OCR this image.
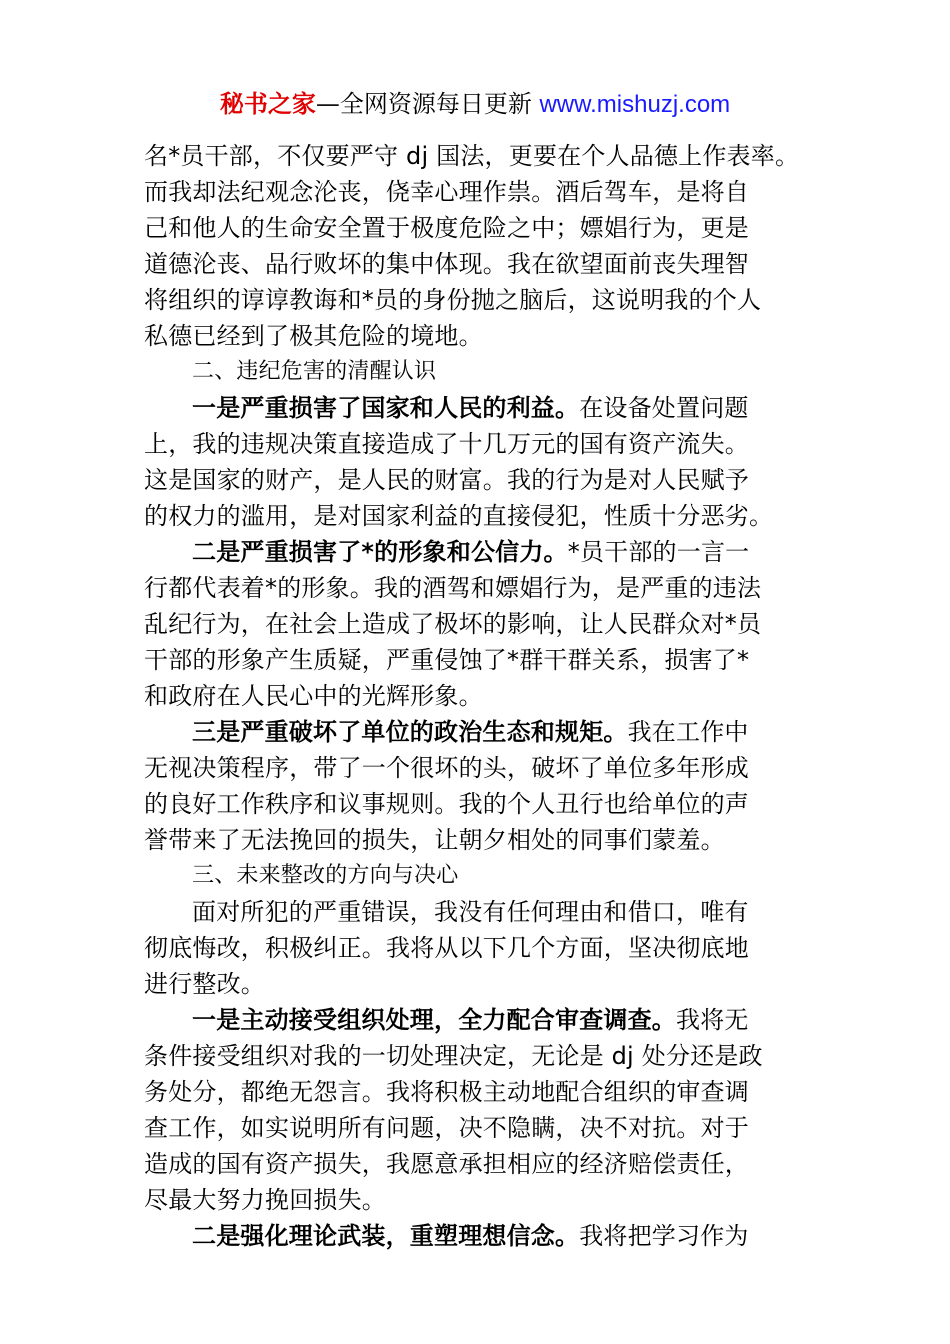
秘书之家—全网资源每日更新 www.mishuzj.com
名*员干部，不仅要严守 dj 国法，更要在个人品德上作表率。
而我却法纪观念沦丧，侥幸心理作祟。酒后驾车，是将自
己和他人的生命安全置于极度危险之中；嫖娼行为，更是
道德沦丧、品行败坏的集中体现。我在欲望面前丧失理智
将组织的谆谆教诲和*员的身份抛之脑后，这说明我的个人
私德已经到了极其危险的境地。
二、违纪危害的清醒认识
一是严重损害了国家和人民的利益。在设备处置问题
上，我的违规决策直接造成了十几万元的国有资产流失。
这是国家的财产，是人民的财富。我的行为是对人民赋予
的权力的滥用，是对国家利益的直接侵犯，性质十分恶劣。
二是严重损害了*的形象和公信力。*员干部的一言一
行都代表着*的形象。我的酒驾和嫖娼行为，是严重的违法
乱纪行为，在社会上造成了极坏的影响，让人民群众对*员
干部的形象产生质疑，严重侵蚀了*群干群关系，损害了*
和政府在人民心中的光辉形象。
三是严重破坏了单位的政治生态和规矩。我在工作中
无视决策程序，带了一个很坏的头，破坏了单位多年形成
的良好工作秩序和议事规则。我的个人丑行也给单位的声
誉带来了无法挽回的损失，让朝夕相处的同事们蒙羞。
三、未来整改的方向与决心
面对所犯的严重错误，我没有任何理由和借口，唯有
彻底悔改，积极纠正。我将从以下几个方面，坚决彻底地
进行整改。
一是主动接受组织处理，全力配合审查调查。我将无
条件接受组织对我的一切处理决定，无论是 dj 处分还是政
务处分，都绝无怨言。我将积极主动地配合组织的审查调
查工作，如实说明所有问题，决不隐瞒，决不对抗。对于
造成的国有资产损失，我愿意承担相应的经济赔偿责任，
尽最大努力挽回损失。
二是强化理论武装，重塑理想信念。我将把学习作为
